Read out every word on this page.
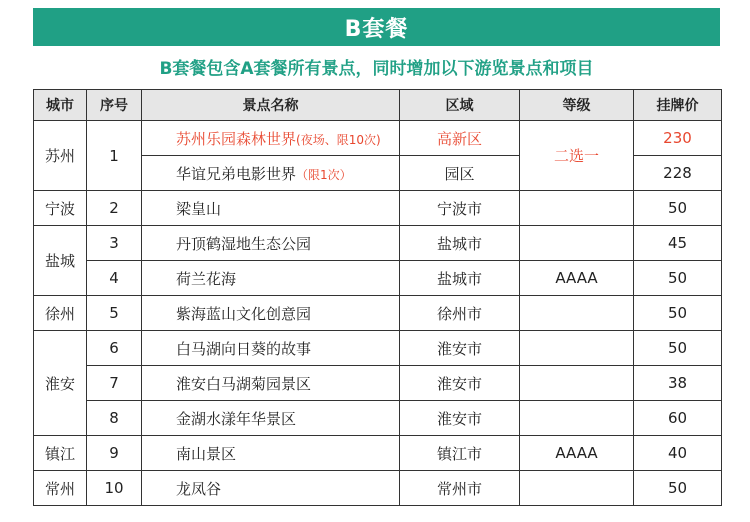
B套餐
B套餐包含A套餐所有景点，同时增加以下游览景点和项目
城市	序号	景点名称	区域	等级	挂牌价
苏州	1	苏州乐园森林世界(夜场、限10次)	高新区	二选一	230
		华谊兄弟电影世界（限1次）	园区		228
宁波	2	梁皇山	宁波市		50
盐城	3	丹顶鹤湿地生态公园	盐城市		45
	4	荷兰花海	盐城市	AAAA	50
徐州	5	紫海蓝山文化创意园	徐州市		50
淮安	6	白马湖向日葵的故事	淮安市		50
	7	淮安白马湖菊园景区	淮安市		38
	8	金湖水漾年华景区	淮安市		60
镇江	9	南山景区	镇江市	AAAA	40
常州	10	龙凤谷	常州市		50
